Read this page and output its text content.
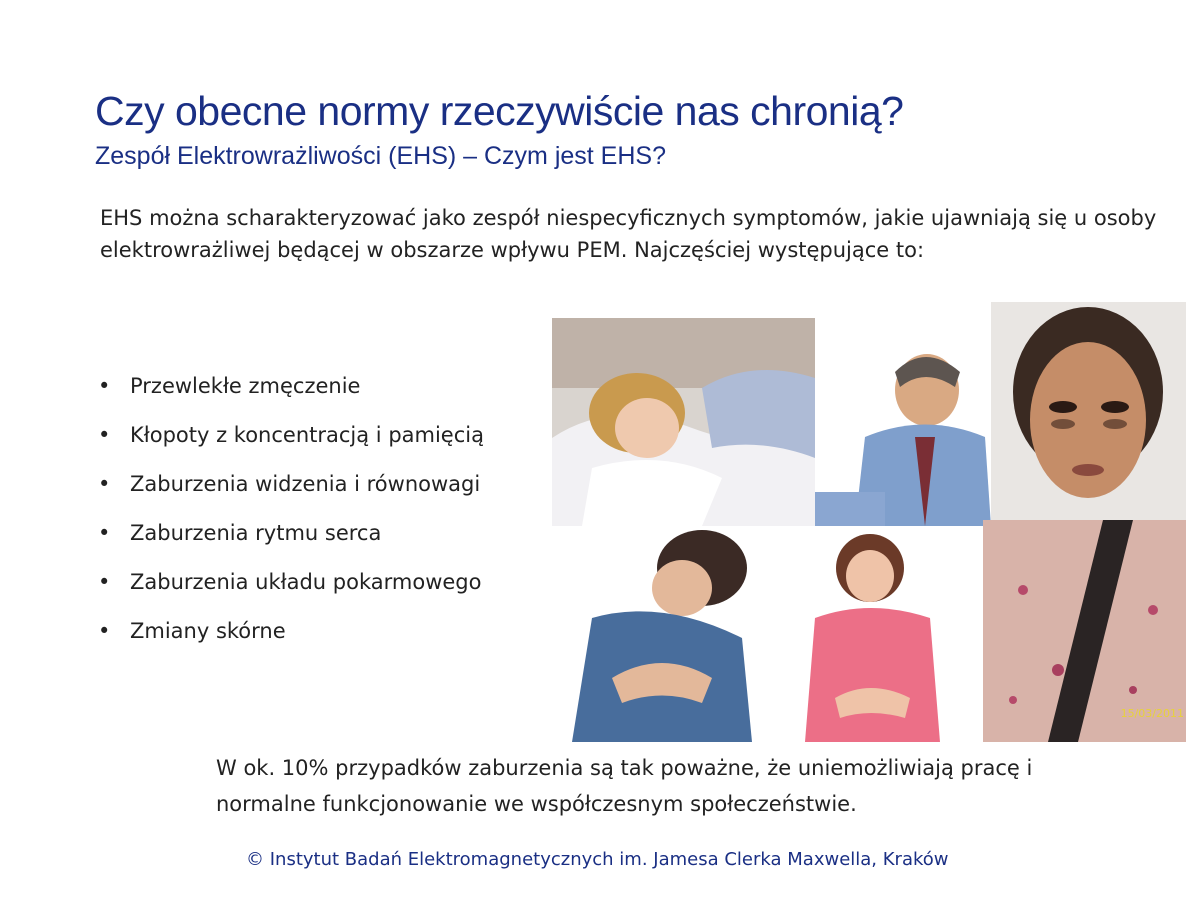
Czy obecne normy rzeczywiście nas chronią?
Zespół Elektrowrażliwości (EHS) – Czym jest EHS?
EHS można scharakteryzować jako zespół niespecyficznych symptomów, jakie ujawniają się u osoby elektrowrażliwej będącej w obszarze wpływu PEM. Najczęściej występujące to:
• Przewlekłe zmęczenie
• Kłopoty z koncentracją i pamięcią
• Zaburzenia widzenia i równowagi
• Zaburzenia rytmu serca
• Zaburzenia układu pokarmowego
• Zmiany skórne
15/03/2011
W ok. 10% przypadków zaburzenia są tak poważne, że uniemożliwiają pracę i normalne funkcjonowanie we współczesnym społeczeństwie.
© Instytut Badań Elektromagnetycznych im. Jamesa Clerka Maxwella, Kraków
